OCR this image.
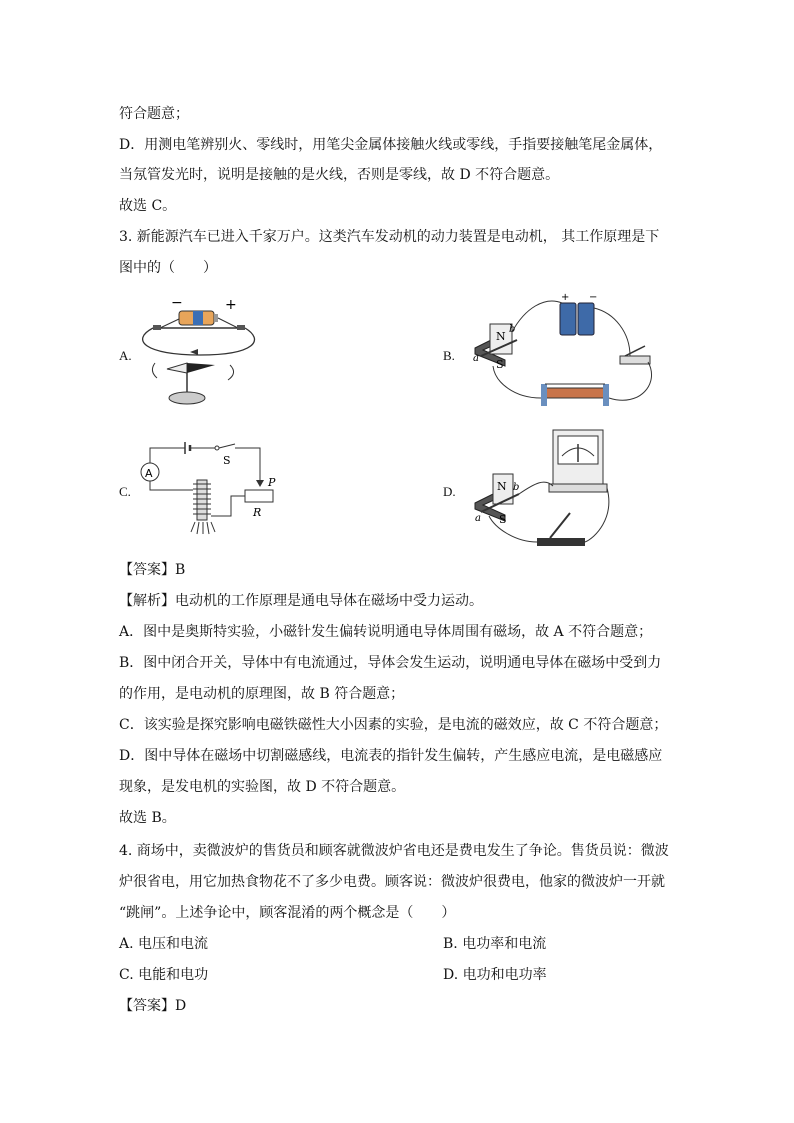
符合题意；
D．用测电笔辨别火、零线时，用笔尖金属体接触火线或零线，手指要接触笔尾金属体，
当氖管发光时，说明是接触的是火线，否则是零线，故 D 不符合题意。
故选 C。
3. 新能源汽车已进入千家万户。这类汽车发动机的动力装置是电动机， 其工作原理是下
图中的（　　）
A.
−	+
B.
N
S
b
a
+ −
C.
A
S
P
R
D.	N
S
b
a
【答案】B
【解析】电动机的工作原理是通电导体在磁场中受力运动。
A．图中是奥斯特实验，小磁针发生偏转说明通电导体周围有磁场，故 A 不符合题意；
B．图中闭合开关，导体中有电流通过，导体会发生运动，说明通电导体在磁场中受到力
的作用，是电动机的原理图，故 B 符合题意；
C．该实验是探究影响电磁铁磁性大小因素的实验，是电流的磁效应，故 C 不符合题意；
D．图中导体在磁场中切割磁感线，电流表的指针发生偏转，产生感应电流，是电磁感应
现象，是发电机的实验图，故 D 不符合题意。
故选 B。
4. 商场中，卖微波炉的售货员和顾客就微波炉省电还是费电发生了争论。售货员说：微波
炉很省电，用它加热食物花不了多少电费。顾客说：微波炉很费电，他家的微波炉一开就
“跳闸”。上述争论中，顾客混淆的两个概念是（　　）
A. 电压和电流	B. 电功率和电流
C. 电能和电功	D. 电功和电功率
【答案】D
